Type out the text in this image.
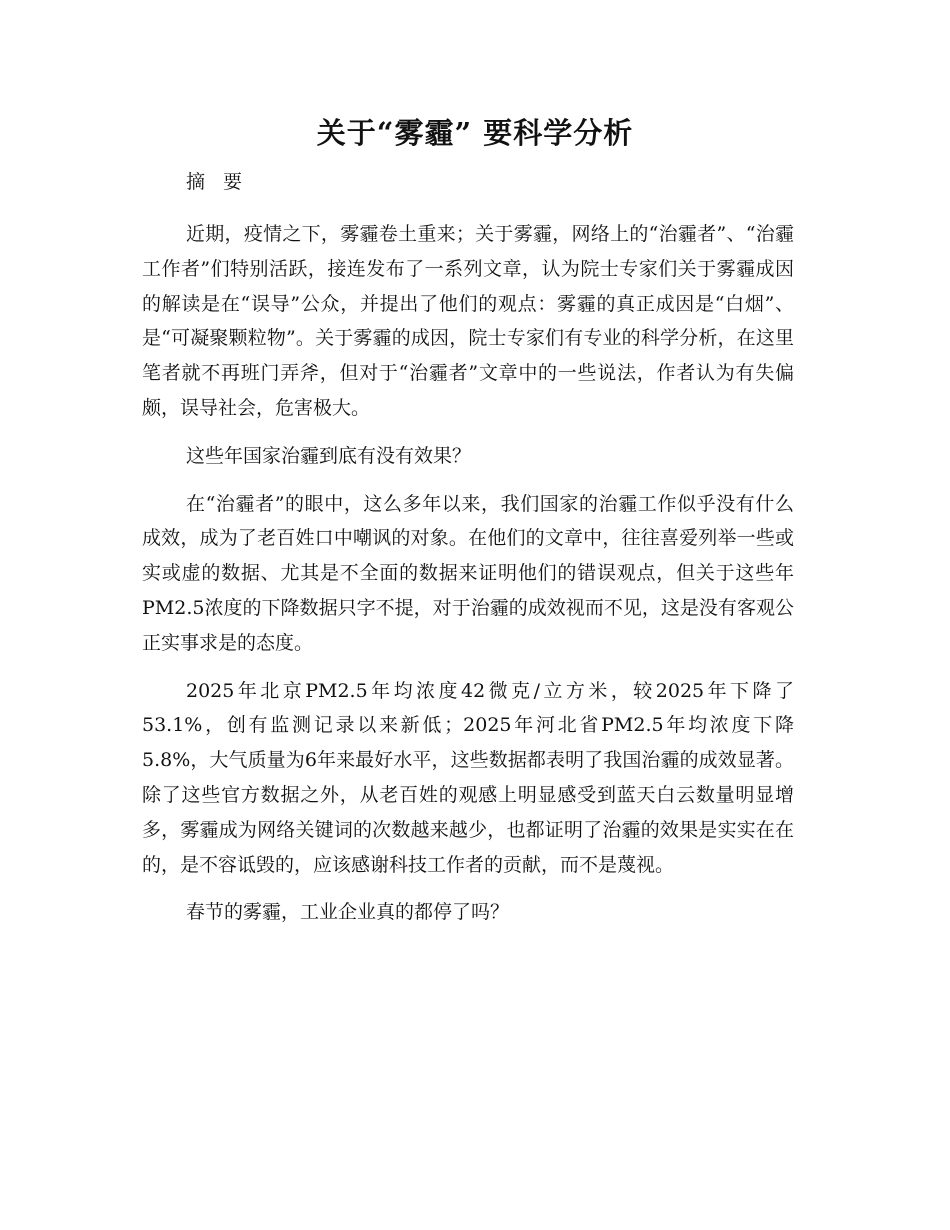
关于“雾霾” 要科学分析
摘 要

近期，疫情之下，雾霾卷土重来；关于雾霾，网络上的“治霾者”、“治霾工作者”们特别活跃，接连发布了一系列文章，认为院士专家们关于雾霾成因的解读是在“误导”公众，并提出了他们的观点：雾霾的真正成因是“白烟”、是“可凝聚颗粒物”。关于雾霾的成因，院士专家们有专业的科学分析，在这里笔者就不再班门弄斧，但对于“治霾者”文章中的一些说法，作者认为有失偏颇，误导社会，危害极大。

这些年国家治霾到底有没有效果？

在“治霾者”的眼中，这么多年以来，我们国家的治霾工作似乎没有什么成效，成为了老百姓口中嘲讽的对象。在他们的文章中，往往喜爱列举一些或实或虚的数据、尤其是不全面的数据来证明他们的错误观点，但关于这些年PM2.5浓度的下降数据只字不提，对于治霾的成效视而不见，这是没有客观公正实事求是的态度。

2025年北京PM2.5年均浓度42微克/立方米，较2025年下降了53.1%，创有监测记录以来新低；2025年河北省PM2.5年均浓度下降5.8%，大气质量为6年来最好水平，这些数据都表明了我国治霾的成效显著。除了这些官方数据之外，从老百姓的观感上明显感受到蓝天白云数量明显增多，雾霾成为网络关键词的次数越来越少，也都证明了治霾的效果是实实在在的，是不容诋毁的，应该感谢科技工作者的贡献，而不是蔑视。

春节的雾霾，工业企业真的都停了吗？
